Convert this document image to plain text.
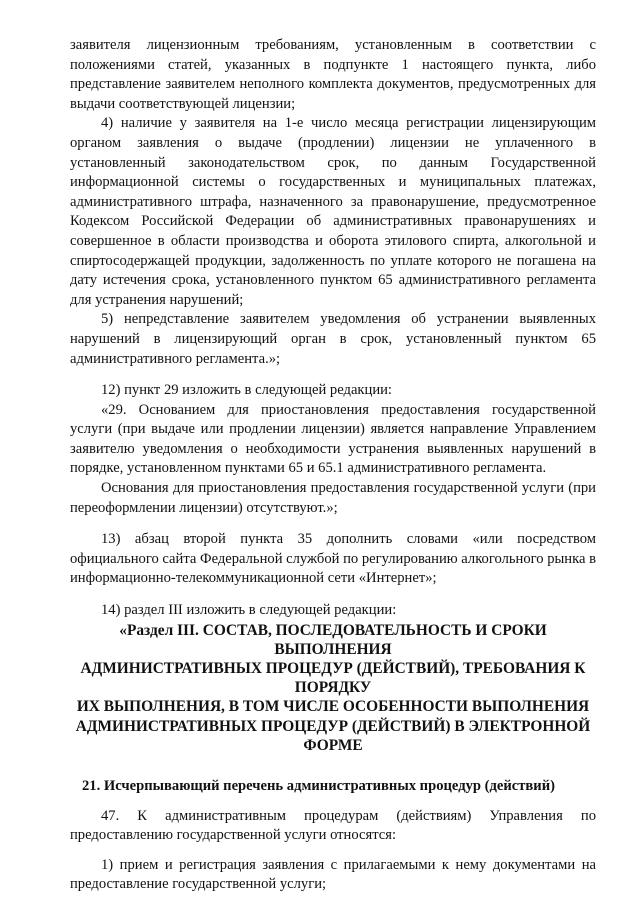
заявителя лицензионным требованиям, установленным в соответствии с положениями статей, указанных в подпункте 1 настоящего пункта, либо представление заявителем неполного комплекта документов, предусмотренных для выдачи соответствующей лицензии;

4) наличие у заявителя на 1-е число месяца регистрации лицензирующим органом заявления о выдаче (продлении) лицензии не уплаченного в установленный законодательством срок, по данным Государственной информационной системы о государственных и муниципальных платежах, административного штрафа, назначенного за правонарушение, предусмотренное Кодексом Российской Федерации об административных правонарушениях и совершенное в области производства и оборота этилового спирта, алкогольной и спиртосодержащей продукции, задолженность по уплате которого не погашена на дату истечения срока, установленного пунктом 65 административного регламента для устранения нарушений;

5) непредставление заявителем уведомления об устранении выявленных нарушений в лицензирующий орган в срок, установленный пунктом 65 административного регламента.»;

12) пункт 29 изложить в следующей редакции:

«29. Основанием для приостановления предоставления государственной услуги (при выдаче или продлении лицензии) является направление Управлением заявителю уведомления о необходимости устранения выявленных нарушений в порядке, установленном пунктами 65 и 65.1 административного регламента.

Основания для приостановления предоставления государственной услуги (при переоформлении лицензии) отсутствуют.»;

13) абзац второй пункта 35 дополнить словами «или посредством официального сайта Федеральной службой по регулированию алкогольного рынка в информационно-телекоммуникационной сети «Интернет»;

14) раздел III изложить в следующей редакции:

«Раздел III. СОСТАВ, ПОСЛЕДОВАТЕЛЬНОСТЬ И СРОКИ

ВЫПОЛНЕНИЯ

АДМИНИСТРАТИВНЫХ ПРОЦЕДУР (ДЕЙСТВИЙ), ТРЕБОВАНИЯ К

ПОРЯДКУ

ИХ ВЫПОЛНЕНИЯ, В ТОМ ЧИСЛЕ ОСОБЕННОСТИ ВЫПОЛНЕНИЯ

АДМИНИСТРАТИВНЫХ ПРОЦЕДУР (ДЕЙСТВИЙ) В ЭЛЕКТРОННОЙ

ФОРМЕ

21. Исчерпывающий перечень административных процедур (действий)

47. К административным процедурам (действиям) Управления по предоставлению государственной услуги относятся:

1) прием и регистрация заявления с прилагаемыми к нему документами на предоставление государственной услуги;
